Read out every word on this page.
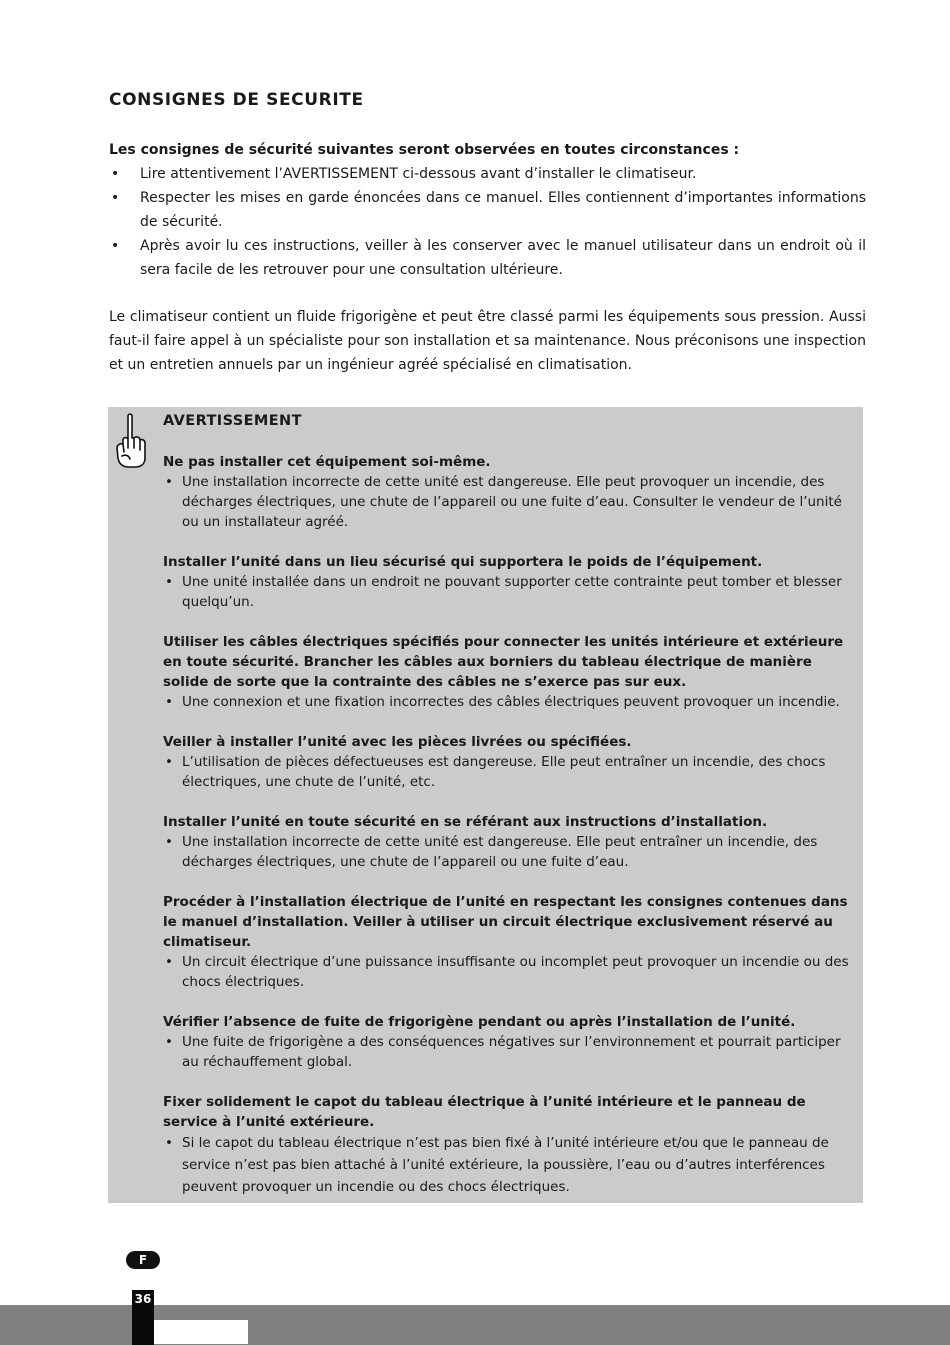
CONSIGNES DE SECURITE

Les consignes de sécurité suivantes seront observées en toutes circonstances :

• Lire attentivement l’AVERTISSEMENT ci-dessous avant d’installer le climatiseur.
• Respecter les mises en garde énoncées dans ce manuel. Elles contiennent d’importantes informations de sécurité.
• Après avoir lu ces instructions, veiller à les conserver avec le manuel utilisateur dans un endroit où il sera facile de les retrouver pour une consultation ultérieure.

Le climatiseur contient un fluide frigorigène et peut être classé parmi les équipements sous pression. Aussi faut-il faire appel à un spécialiste pour son installation et sa maintenance. Nous préconisons une inspection et un entretien annuels par un ingénieur agréé spécialisé en climatisation.

AVERTISSEMENT
Ne pas installer cet équipement soi-même.
• Une installation incorrecte de cette unité est dangereuse. Elle peut provoquer un incendie, des décharges électriques, une chute de l’appareil ou une fuite d’eau. Consulter le vendeur de l’unité ou un installateur agréé.
Installer l’unité dans un lieu sécurisé qui supportera le poids de l’équipement.
• Une unité installée dans un endroit ne pouvant supporter cette contrainte peut tomber et blesser quelqu’un.
Utiliser les câbles électriques spécifiés pour connecter les unités intérieure et extérieure en toute sécurité. Brancher les câbles aux borniers du tableau électrique de manière solide de sorte que la contrainte des câbles ne s’exerce pas sur eux.
• Une connexion et une fixation incorrectes des câbles électriques peuvent provoquer un incendie.
Veiller à installer l’unité avec les pièces livrées ou spécifiées.
• L’utilisation de pièces défectueuses est dangereuse. Elle peut entraîner un incendie, des chocs électriques, une chute de l’unité, etc.
Installer l’unité en toute sécurité en se référant aux instructions d’installation.
• Une installation incorrecte de cette unité est dangereuse. Elle peut entraîner un incendie, des décharges électriques, une chute de l’appareil ou une fuite d’eau.
Procéder à l’installation électrique de l’unité en respectant les consignes contenues dans le manuel d’installation. Veiller à utiliser un circuit électrique exclusivement réservé au climatiseur.
• Un circuit électrique d’une puissance insuffisante ou incomplet peut provoquer un incendie ou des chocs électriques.
Vérifier l’absence de fuite de frigorigène pendant ou après l’installation de l’unité.
• Une fuite de frigorigène a des conséquences négatives sur l’environnement et pourrait participer au réchauffement global.
Fixer solidement le capot du tableau électrique à l’unité intérieure et le panneau de service à l’unité extérieure.
• Si le capot du tableau électrique n’est pas bien fixé à l’unité intérieure et/ou que le panneau de service n’est pas bien attaché à l’unité extérieure, la poussière, l’eau ou d’autres interférences peuvent provoquer un incendie ou des chocs électriques.
F
36
